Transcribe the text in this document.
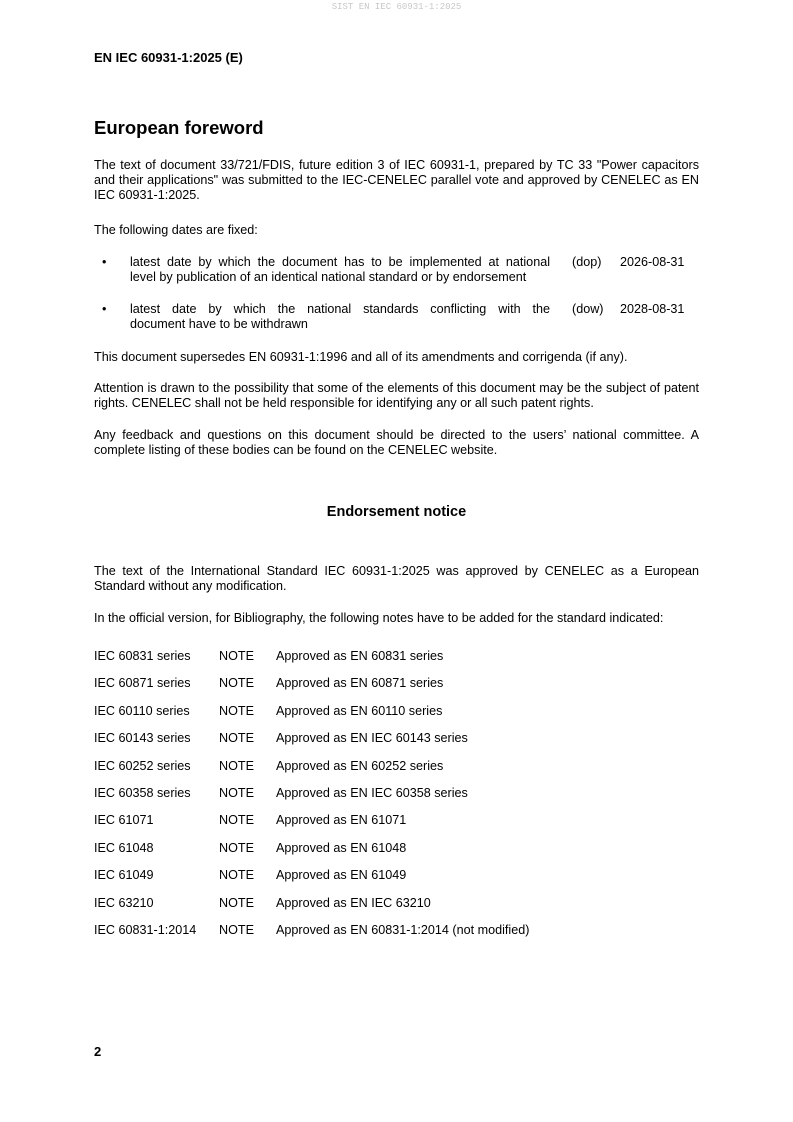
SIST EN IEC 60931-1:2025
EN IEC 60931-1:2025 (E)
European foreword
The text of document 33/721/FDIS, future edition 3 of IEC 60931-1, prepared by TC 33 "Power capacitors and their applications" was submitted to the IEC-CENELEC parallel vote and approved by CENELEC as EN IEC 60931-1:2025.
The following dates are fixed:
• latest date by which the document has to be implemented at national
level by publication of an identical national standard or by endorsement
(dop) 2026-08-31
• latest date by which the national standards conflicting with the
document have to be withdrawn
(dow) 2028-08-31
This document supersedes EN 60931-1:1996 and all of its amendments and corrigenda (if any).
Attention is drawn to the possibility that some of the elements of this document may be the subject of patent rights. CENELEC shall not be held responsible for identifying any or all such patent rights.
Any feedback and questions on this document should be directed to the users’ national committee. A complete listing of these bodies can be found on the CENELEC website.
Endorsement notice
The text of the International Standard IEC 60931-1:2025 was approved by CENELEC as a European Standard without any modification.
In the official version, for Bibliography, the following notes have to be added for the standard indicated:
IEC 60831 series NOTE Approved as EN 60831 series
IEC 60871 series NOTE Approved as EN 60871 series
IEC 60110 series NOTE Approved as EN 60110 series
IEC 60143 series NOTE Approved as EN IEC 60143 series
IEC 60252 series NOTE Approved as EN 60252 series
IEC 60358 series NOTE Approved as EN IEC 60358 series
IEC 61071	NOTE Approved as EN 61071
IEC 61048	NOTE Approved as EN 61048
IEC 61049	NOTE Approved as EN 61049
IEC 63210	NOTE Approved as EN IEC 63210
IEC 60831-1:2014 NOTE Approved as EN 60831-1:2014 (not modified)
2
